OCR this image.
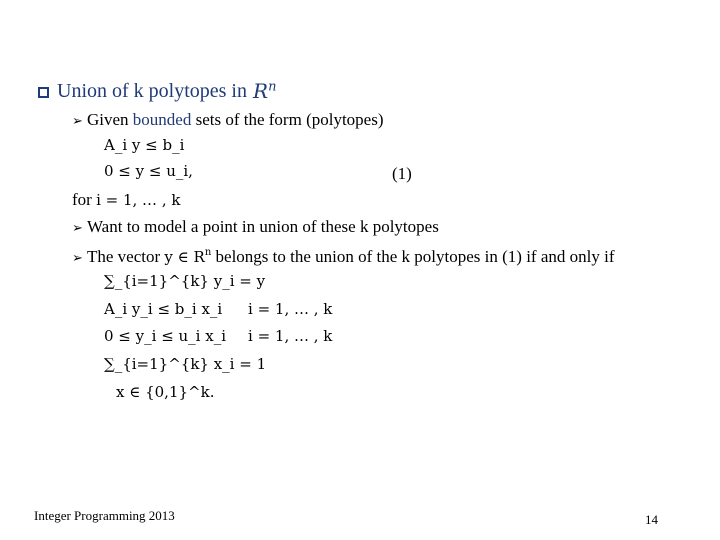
Union of k polytopes in $R^n$
➢ Given bounded sets of the form (polytopes)
A_i y ≤ b_i
0 ≤ y ≤ u_i,	(1)
for i = 1, … , k
➢ Want to model a point in union of these k polytopes
➢ The vector y ∈ $R^n$ belongs to the union of the k polytopes in (1) if and only if
∑_{i=1}^{k} y_i = y
A_i y_i ≤ b_i x_i i = 1, … , k
0 ≤ y_i ≤ u_i x_i i = 1, … , k
∑_{i=1}^{k} x_i = 1
x ∈ {0,1}^k.
Integer Programming 2013	14
